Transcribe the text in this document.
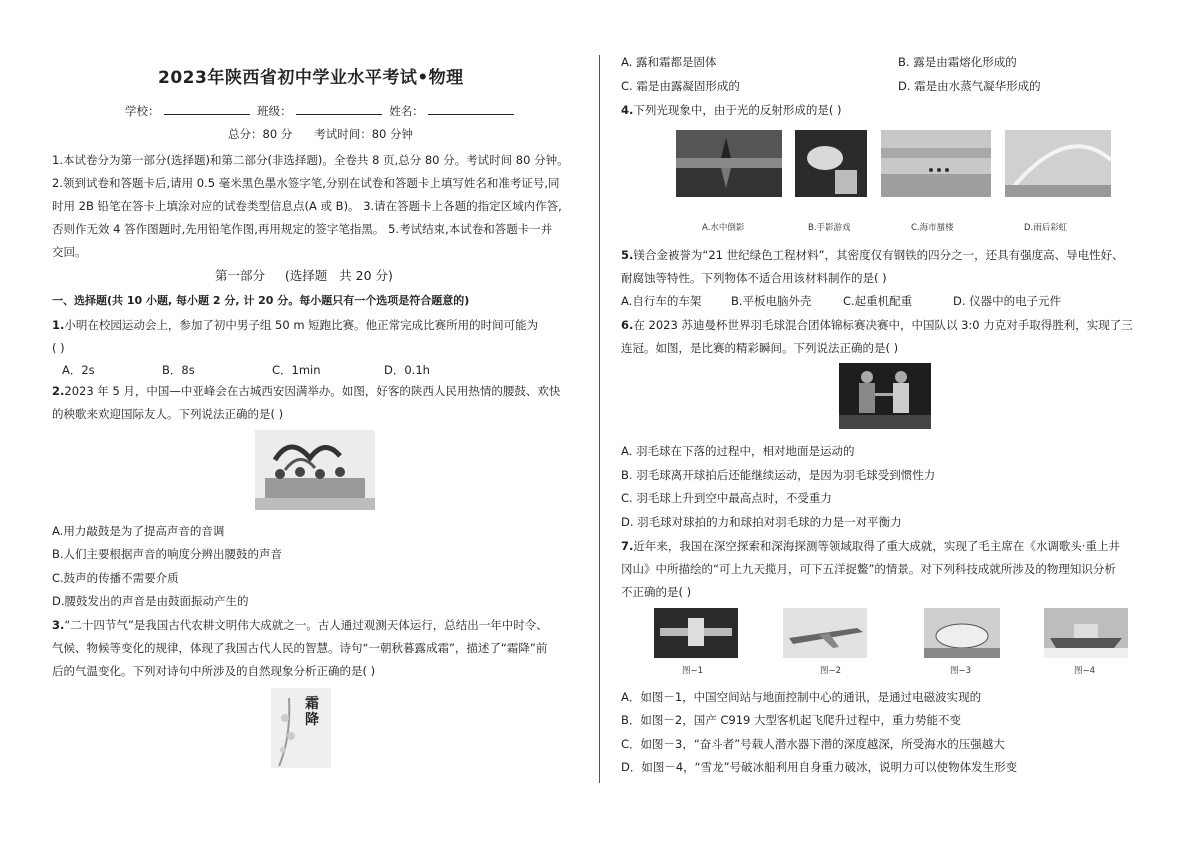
2023年陕西省初中学业水平考试•物理
学校：	班级：	姓名：
总分：80 分      考试时间：80 分钟
1.本试卷分为第一部分(选择题)和第二部分(非选择题)。全卷共 8 页,总分 80 分。考试时间 80 分钟。
2.领到试卷和答题卡后,请用 0.5 毫米黑色墨水签字笔,分别在试卷和答题卡上填写姓名和准考证号,同
时用 2B 铅笔在答卡上填涂对应的试卷类型信息点(A 或 B)。 3.请在答题卡上各题的指定区域内作答,
否则作无效 4 答作图题时,先用铅笔作图,再用规定的签字笔指黑。 5.考试结束,本试卷和答题卡一并
交回。
第一部分     (选择题   共 20 分)
一、选择题(共 10 小题, 每小题 2 分, 计 20 分。每小题只有一个选项是符合题意的)
1.小明在校园运动会上，参加了初中男子组 50 m 短跑比赛。他正常完成比赛所用的时间可能为
( )
A．2s	B．8s	C．1min	D．0.1h
2.2023 年 5 月，中国—中亚峰会在古城西安因满举办。如图，好客的陕西人民用热情的腰鼓、欢快
的秧歌来欢迎国际友人。下列说法正确的是( )
A.用力敲鼓是为了提高声音的音调
B.人们主要根据声音的响度分辨出腰鼓的声音
C.鼓声的传播不需要介质
D.腰鼓发出的声音是由鼓面振动产生的
3.“二十四节气”是我国古代农耕文明伟大成就之一。古人通过观测天体运行，总结出一年中时令、
气候、物候等变化的规律，体现了我国古代人民的智慧。诗句“一朝秋暮露成霜”，描述了“霜降”前
后的气温变化。下列对诗句中所涉及的自然现象分析正确的是( )
霜降
A. 露和霜都是固体	B. 露是由霜熔化形成的
C. 霜是由露凝固形成的	D. 霜是由水蒸气凝华形成的
4.下列光现象中，由于光的反射形成的是( )
A.水中倒影	B.手影游戏	C.海市蜃楼	D.雨后彩虹
5.镁合金被誉为“21 世纪绿色工程材料”，其密度仅有钢铁的四分之一，还具有强度高、导电性好、
耐腐蚀等特性。下列物体不适合用该材料制作的是( )
A.自行车的车架	B.平板电脑外壳	C.起重机配重	D. 仪器中的电子元件
6.在 2023 苏迪曼杯世界羽毛球混合团体锦标赛决赛中，中国队以 3:0 力克对手取得胜利，实现了三
连冠。如图，是比赛的精彩瞬间。下列说法正确的是( )
A. 羽毛球在下落的过程中，相对地面是运动的
B. 羽毛球离开球拍后还能继续运动，是因为羽毛球受到惯性力
C. 羽毛球上升到空中最高点时，不受重力
D. 羽毛球对球拍的力和球拍对羽毛球的力是一对平衡力
7.近年来，我国在深空探索和深海探测等领域取得了重大成就，实现了毛主席在《水调歌头·重上井
冈山》中所描绘的“可上九天揽月，可下五洋捉鳖”的情景。对下列科技成就所涉及的物理知识分析
不正确的是( )
图−1	图−2	图−3	图−4
A．如图－1，中国空间站与地面控制中心的通讯，是通过电磁波实现的
B．如图－2，国产 C919 大型客机起飞爬升过程中，重力势能不变
C．如图－3，“奋斗者”号载人潜水器下潜的深度越深，所受海水的压强越大
D．如图－4，“雪龙”号破冰船利用自身重力破冰，说明力可以使物体发生形变
